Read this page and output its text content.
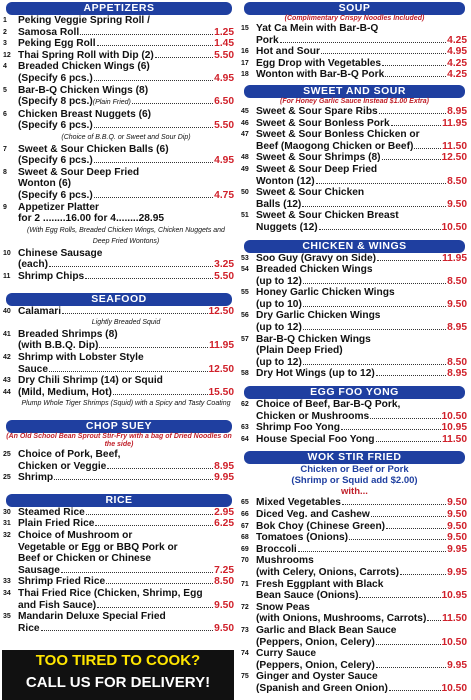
APPETIZERS
1	Peking Veggie Spring Roll /
2	Samosa Roll	1.25
3	Peking Egg Roll	1.45
12 Thai Spring Roll with Dip (2)	5.50
4	Breaded Chicken Wings (6)
(Specify 6 pcs.)	4.95
5	Bar-B-Q Chicken Wings (8)
(Specify 8 pcs.) (Plain Fried)	6.50
6	Chicken Breast Nuggets (6)
(Specify 6 pcs.)	5.50
(Choice of B.B.Q. or Sweet and Sour Dip)
7	Sweet & Sour Chicken Balls (6)
(Specify 6 pcs.)	4.95
8	Sweet & Sour Deep Fried
Wonton (6)
(Specify 6 pcs.)	4.75
9	Appetizer Platter
for 2 ........16.00 for 4........28.95
(With Egg Rolls, Breaded Chicken Wings, Chicken Nuggets and Deep Fried Wontons)
10 Chinese Sausage
(each)	3.25
11 Shrimp Chips	5.50
SEAFOOD
40 Calamari	12.50
Lightly Breaded Squid
41 Breaded Shrimps (8)
(with B.B.Q. Dip)	11.95
42 Shrimp with Lobster Style
Sauce	12.50
43 Dry Chili Shrimp (14) or Squid
44 (Mild, Medium, Hot)	15.50
Plump Whole Tiger Shrimps (Squid) with a Spicy and Tasty Coating
CHOP SUEY
(An Old School Bean Sprout Stir-Fry with a bag of Dried Noodles on the side)
25 Choice of Pork, Beef,
Chicken or Veggie	8.95
25 Shrimp	9.95
RICE
30 Steamed Rice	2.95
31 Plain Fried Rice	6.25
32 Choice of Mushroom or
Vegetable or Egg or BBQ Pork or
Beef or Chicken or Chinese
Sausage	7.25
33 Shrimp Fried Rice	8.50
34 Thai Fried Rice (Chicken, Shrimp, Egg
and Fish Sauce)	9.50
35 Mandarin Deluxe Special Fried
Rice	9.50
SOUP
(Complimentary Crispy Noodles Included)
15 Yat Ca Mein with Bar-B-Q
Pork	4.25
16 Hot and Sour	4.95
17 Egg Drop with Vegetables	4.25
18 Wonton with Bar-B-Q Pork	4.25
SWEET AND SOUR
(For Honey Garlic Sauce Instead $1.00 Extra)
45 Sweet & Sour Spare Ribs	8.95
46 Sweet & Sour Bonless Pork	11.95
47 Sweet & Sour Bonless Chicken or
Beef (Maogong Chicken or Beef)	11.50
48 Sweet & Sour Shrimps (8)	12.50
49 Sweet & Sour Deep Fried
Wonton (12)	8.50
50 Sweet & Sour Chicken
Balls (12)	9.50
51 Sweet & Sour Chicken Breast
Nuggets (12)	10.50
CHICKEN & WINGS
53 Soo Guy (Gravy on Side)	11.95
54 Breaded Chicken Wings
(up to 12)	8.50
55 Honey Garlic Chicken Wings
(up to 10)	9.50
56 Dry Garlic Chicken Wings
(up to 12)	8.95
57 Bar-B-Q Chicken Wings
(Plain Deep Fried)
(up to 12)	8.50
58 Dry Hot Wings (up to 12)	8.95
EGG FOO YONG
62 Choice of Beef, Bar-B-Q Pork,
Chicken or Mushrooms	10.50
63 Shrimp Foo Yong	10.95
64 House Special Foo Yong	11.50
WOK STIR FRIED
Chicken or Beef or Pork
(Shrimp or Squid add $2.00)
with...
65 Mixed Vegetables	9.50
66 Diced Veg. and Cashew	9.50
67 Bok Choy (Chinese Green)	9.50
68 Tomatoes (Onions)	9.50
69 Broccoli	9.95
70 Mushrooms
(with Celery, Onions, Carrots)	9.95
71 Fresh Eggplant with Black
Bean Sauce (Onions)	10.95
72 Snow Peas
(with Onions, Mushrooms, Carrots) 11.50
73 Garlic and Black Bean Sauce
(Peppers, Onion, Celery)	10.50
74 Curry Sauce
(Peppers, Onion, Celery)	9.95
75 Ginger and Oyster Sauce
(Spanish and Green Onion)	10.50
TOO TIRED TO COOK?
CALL US FOR DELIVERY!
